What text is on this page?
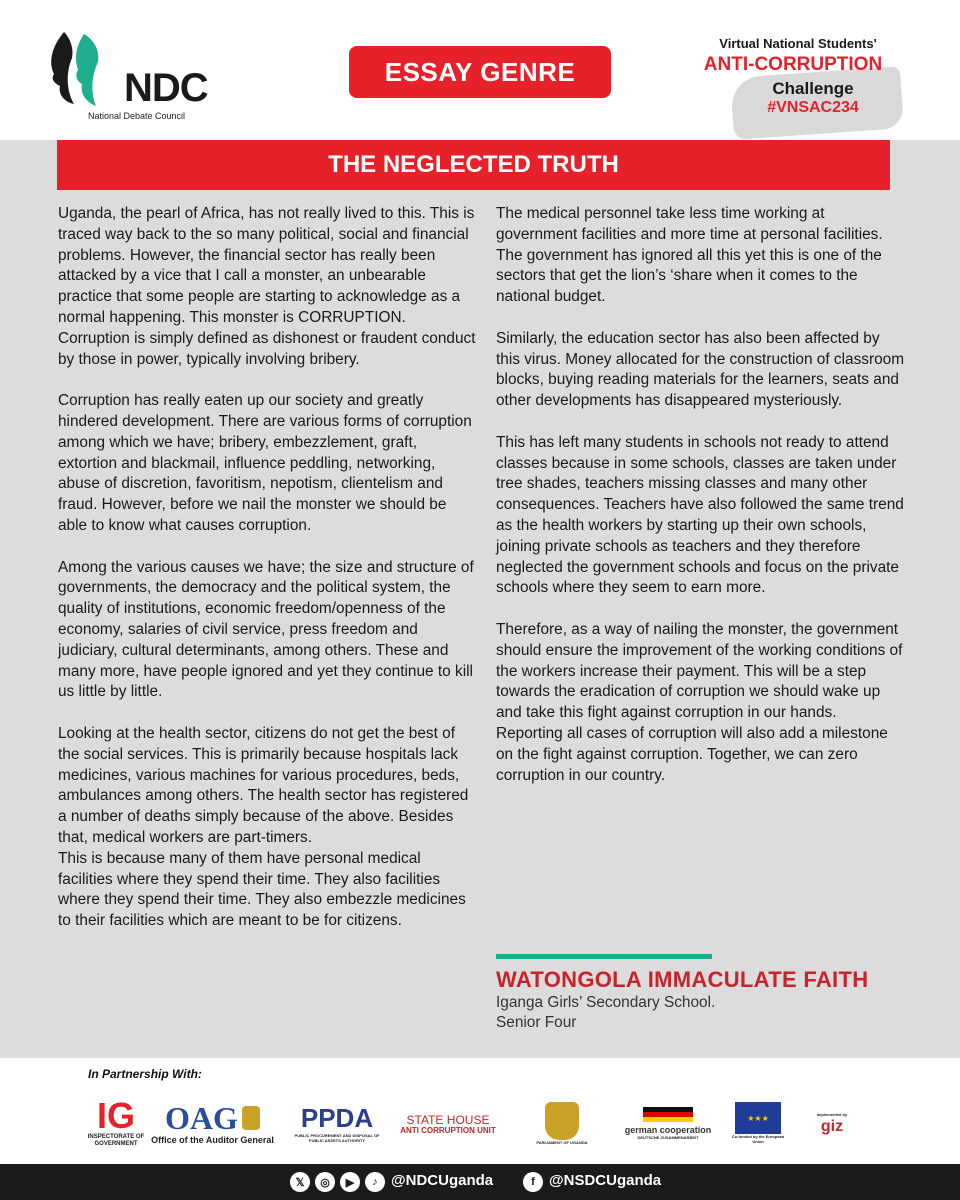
NDC
National Debate Council
ESSAY GENRE
Virtual National Students'
ANTI-CORRUPTION
Challenge
#VNSAC234
THE NEGLECTED TRUTH

Uganda, the pearl of Africa, has not really lived to this. This is traced way back to the so many political, social and financial problems. However, the financial sector has really been attacked by a vice that I call a monster, an unbearable practice that some people are starting to acknowledge as a normal happening. This monster is CORRUPTION. Corruption is simply defined as dishonest or fraudent conduct by those in power, typically involving bribery.

Corruption has really eaten up our society and greatly hindered development. There are various forms of corruption among which we have; bribery, embezzlement, graft, extortion and blackmail, influence peddling, networking, abuse of discretion, favoritism, nepotism, clientelism and fraud. However, before we nail the monster we should be able to know what causes corruption.

Among the various causes we have; the size and structure of governments, the democracy and the political system, the quality of institutions, economic freedom/openness of the economy, salaries of civil service, press freedom and judiciary, cultural determinants, among others. These and many more, have people ignored and yet they continue to kill us little by little.

Looking at the health sector, citizens do not get the best of the social services. This is primarily because hospitals lack medicines, various machines for various procedures, beds, ambulances among others. The health sector has registered a number of deaths simply because of the above. Besides that, medical workers are part-timers.

This is because many of them have personal medical facilities where they spend their time. They also facilities where they spend their time. They also embezzle medicines to their facilities which are meant to be for citizens.

The medical personnel take less time working at government facilities and more time at personal facilities. The government has ignored all this yet this is one of the sectors that get the lion’s ‘share when it comes to the national budget.

Similarly, the education sector has also been affected by this virus. Money allocated for the construction of classroom blocks, buying reading materials for the learners, seats and other developments has disappeared mysteriously.

This has left many students in schools not ready to attend classes because in some schools, classes are taken under tree shades, teachers missing classes and many other consequences. Teachers have also followed the same trend as the health workers by starting up their own schools, joining private schools as teachers and they therefore neglected the government schools and focus on the private schools where they seem to earn more.

Therefore, as a way of nailing the monster, the government should ensure the improvement of the working conditions of the workers increase their payment. This will be a step towards the eradication of corruption we should wake up and take this fight against corruption in our hands. Reporting all cases of corruption will also add a milestone on the fight against corruption. Together, we can zero corruption in our country.

WATONGOLA IMMACULATE FAITH
Iganga Girls’ Secondary School.
Senior Four
In Partnership With:
IG
INSPECTORATE OF GOVERNMENT
OAG
Office of the Auditor General
PPDA
PUBLIC PROCUREMENT AND DISPOSAL OF PUBLIC ASSETS AUTHORITY
STATE HOUSE
ANTI CORRUPTION UNIT
PARLIAMENT OF UGANDA
german cooperation
DEUTSCHE ZUSAMMENARBEIT
★★★
Co-funded by the European Union
Implemented by
giz
𝕏	◎	▶	♪ @NDCUganda	f @NSDCUganda
